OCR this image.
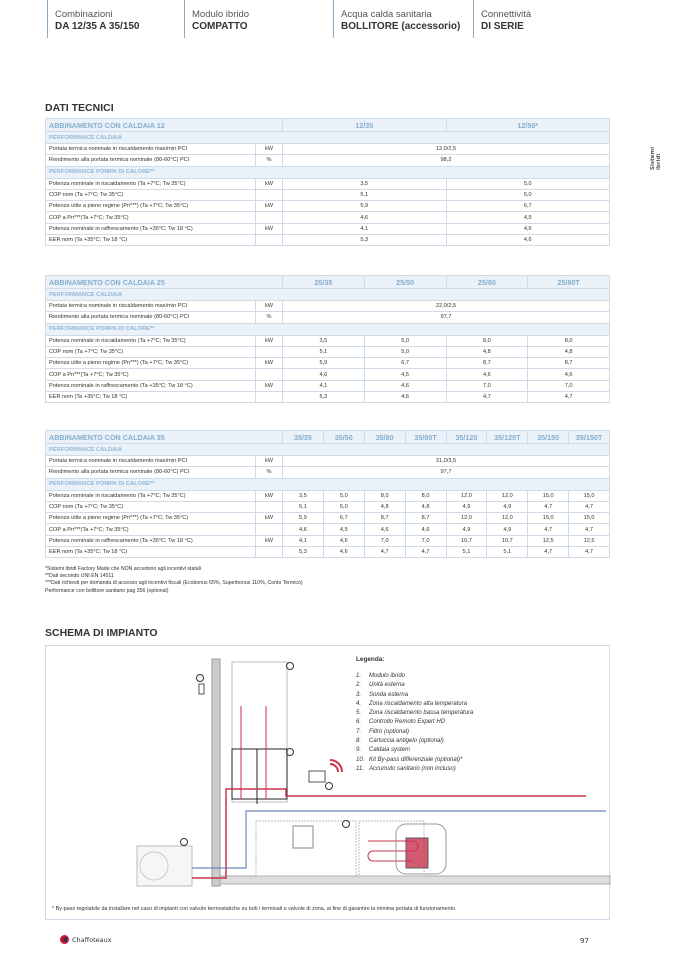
Combinazioni
DA 12/35 A 35/150
Modulo ibrido
COMPATTO
Acqua calda sanitaria
BOLLITORE (accessorio)
Connettività
DI SERIE
Sistemi ibridi
DATI TECNICI
ABBINAMENTO CON CALDAIA 12		12/35	12/50*
PERFORMANCE CALDAIA			
Portata termica nominale in riscaldamento max/min PCI	kW	12,0/2,5	
Rendimento alla portata termica nominale (80-60°C) PCI	%	98,2	
PERFORMANCE POMPA DI CALORE**			
Potenza nominale in riscaldamento (Ta +7°C; Tw 35°C)	kW	3,5	5,0
COP nom (Ta +7°C; Tw 35°C)		5,1	5,0
Potenza utile a pieno regime (Pn***) (Ta +7°C; Tw 35°C)	kW	5,9	6,7
COP a Pn***(Ta +7°C; Tw 35°C)		4,6	4,5
Potenza nominale in raffrescamento (Ta +35°C; Tw 18 °C)	kW	4,1	4,6
EER nom (Ta +35°C; Tw 18 °C)		5,3	4,6
ABBINAMENTO CON CALDAIA 25		25/35	25/50	25/80	25/80T
PERFORMANCE CALDAIA					
Portata termica nominale in riscaldamento max/min PCI	kW	22,0/2,5			
Rendimento alla portata termica nominale (80-60°C) PCI	%	97,7			
PERFORMANCE POMPA DI CALORE**					
Potenza nominale in riscaldamento (Ta +7°C; Tw 35°C)	kW	3,5	5,0	8,0	8,0
COP nom (Ta +7°C; Tw 35°C)		5,1	5,0	4,8	4,8
Potenza utile a pieno regime (Pn***) (Ta +7°C; Tw 35°C)	kW	5,9	6,7	8,7	8,7
COP a Pn***(Ta +7°C; Tw 35°C)		4,6	4,5	4,6	4,6
Potenza nominale in raffrescamento (Ta +35°C; Tw 18 °C)	kW	4,1	4,6	7,0	7,0
EER nom (Ta +35°C; Tw 18 °C)		5,3	4,6	4,7	4,7
ABBINAMENTO CON CALDAIA 35		35/35	35/50	35/80	35/80T	35/120	35/120T	35/150	35/150T
PERFORMANCE CALDAIA									
Portata termica nominale in riscaldamento max/min PCI	kW	31,0/3,5							
Rendimento alla portata termica nominale (80-60°C) PCI	%	97,7							
PERFORMANCE POMPA DI CALORE**									
Potenza nominale in riscaldamento (Ta +7°C; Tw 35°C)	kW	3,5	5,0	8,0	8,0	12,0	12,0	15,0	15,0
COP nom (Ta +7°C; Tw 35°C)		5,1	5,0	4,8	4,8	4,9	4,9	4,7	4,7
Potenza utile a pieno regime (Pn***) (Ta +7°C; Tw 35°C)	kW	5,9	6,7	8,7	8,7	12,0	12,0	15,0	15,0
COP a Pn***(Ta +7°C; Tw 35°C)		4,6	4,5	4,6	4,6	4,9	4,9	4,7	4,7
Potenza nominale in raffrescamento (Ta +35°C; Tw 18 °C)	kW	4,1	4,6	7,0	7,0	10,7	10,7	12,5	12,5
EER nom (Ta +35°C; Tw 18 °C)		5,3	4,6	4,7	4,7	5,1	5,1	4,7	4,7
*Sistemi ibridi Factory Made che NON accedono agli incentivi statali
**Dati secondo UNI EN 14511
***Dati richiesti per domanda di accesso agli incentivi fiscali (Ecobonus 65%, Superbonus 110%, Conto Termico)
Performance con bollitore sanitario pag 356 (optional)
SCHEMA DI IMPIANTO
Legenda:
1. Modulo ibrido
2. Unità esterna
3. Sonda esterna
4. Zona riscaldamento alta temperatura
5. Zona riscaldamento bassa temperatura
6. Controllo Remoto Expert HD
7. Filtro (optional)
8. Cartuccia antigelo (optional)
9. Caldaia system
10. Kit By-pass differenziale (optional)*
11. Accumulo sanitario (non incluso)
* By-pass regolabile da installare nel caso di impianti con valvole termostatiche su tutti i terminali o valvole di zona, al fine di garantire la minima portata di funzionamento.
Chaffoteaux	97
